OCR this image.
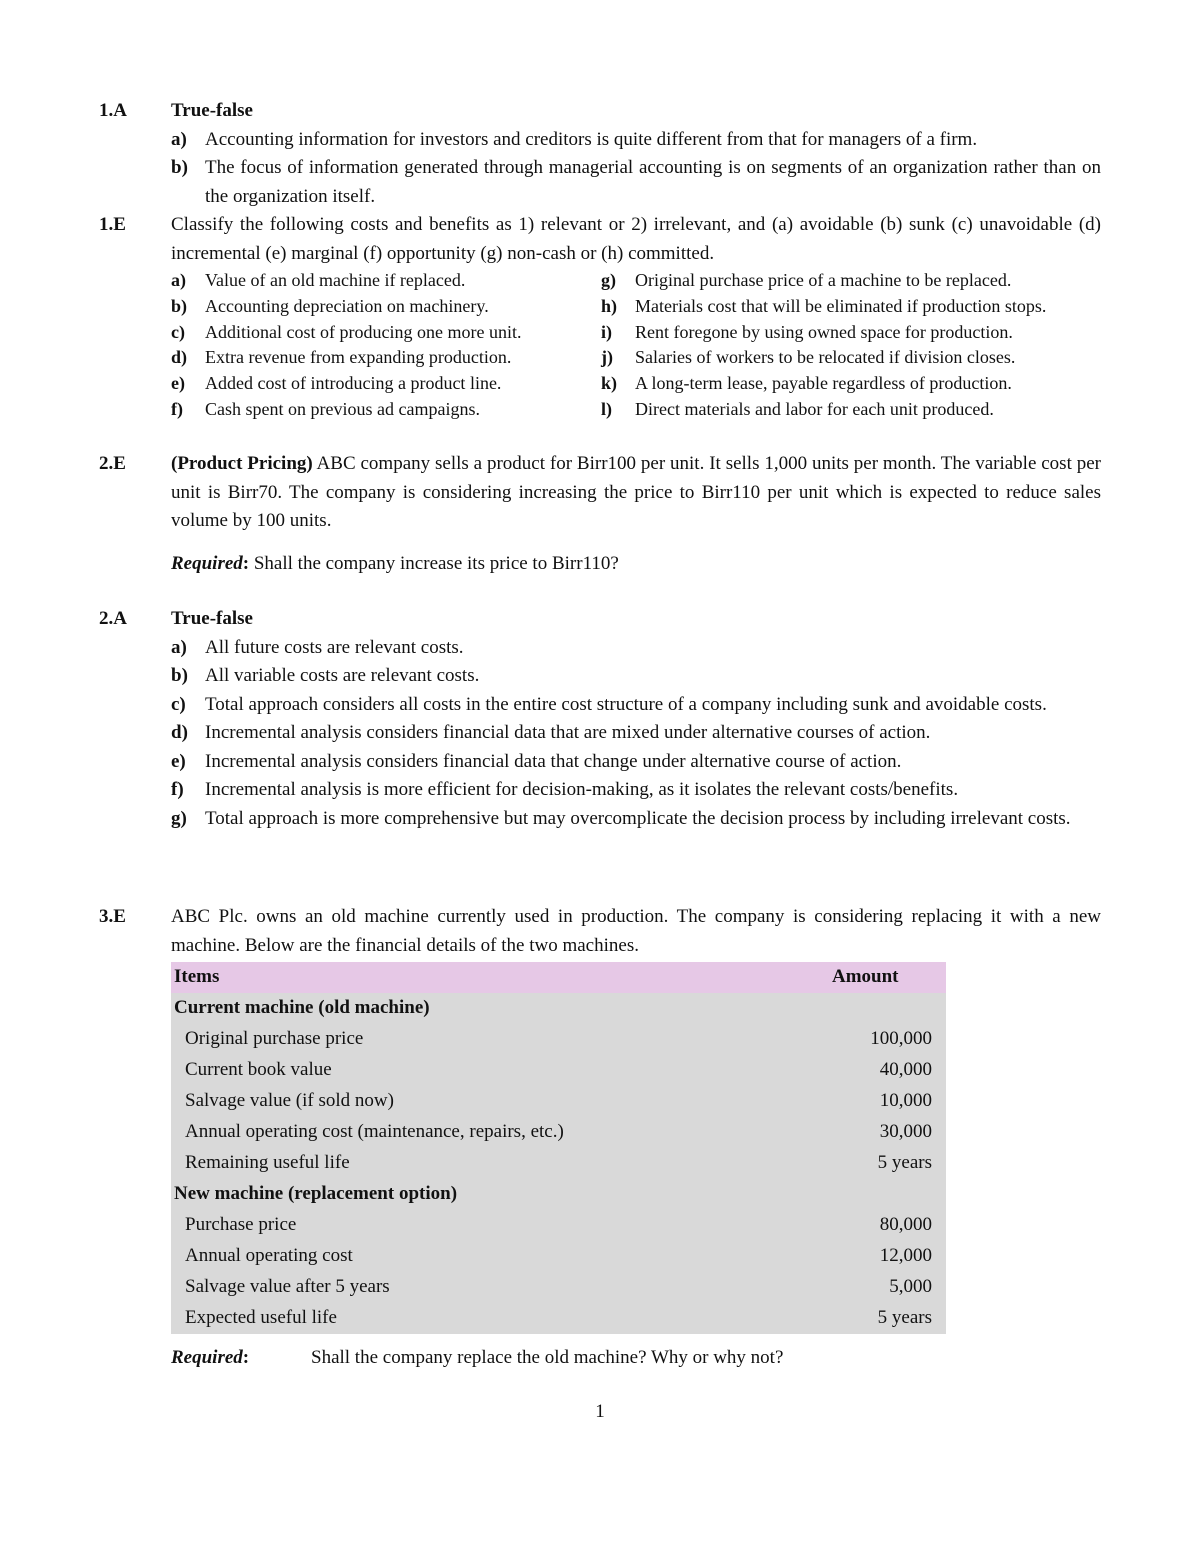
1.A True-false
a) Accounting information for investors and creditors is quite different from that for managers of a firm.
b) The focus of information generated through managerial accounting is on segments of an organization rather than on the organization itself.
1.E Classify the following costs and benefits as 1) relevant or 2) irrelevant, and (a) avoidable (b) sunk (c) unavoidable (d) incremental (e) marginal (f) opportunity (g) non-cash or (h) committed.
a) Value of an old machine if replaced.	g) Original purchase price of a machine to be replaced.
b) Accounting depreciation on machinery.	h) Materials cost that will be eliminated if production stops.
c) Additional cost of producing one more unit.	i) Rent foregone by using owned space for production.
d) Extra revenue from expanding production.	j) Salaries of workers to be relocated if division closes.
e) Added cost of introducing a product line.	k) A long-term lease, payable regardless of production.
f) Cash spent on previous ad campaigns.	l) Direct materials and labor for each unit produced.
2.E (Product Pricing) ABC company sells a product for Birr100 per unit. It sells 1,000 units per month. The variable cost per unit is Birr70. The company is considering increasing the price to Birr110 per unit which is expected to reduce sales volume by 100 units.
Required: Shall the company increase its price to Birr110?
2.A True-false
a) All future costs are relevant costs.
b) All variable costs are relevant costs.
c) Total approach considers all costs in the entire cost structure of a company including sunk and avoidable costs.
d) Incremental analysis considers financial data that are mixed under alternative courses of action.
e) Incremental analysis considers financial data that change under alternative course of action.
f) Incremental analysis is more efficient for decision-making, as it isolates the relevant costs/benefits.
g) Total approach is more comprehensive but may overcomplicate the decision process by including irrelevant costs.
3.E ABC Plc. owns an old machine currently used in production. The company is considering replacing it with a new machine. Below are the financial details of the two machines.
Items	Amount
Current machine (old machine)	
Original purchase price	100,000
Current book value	40,000
Salvage value (if sold now)	10,000
Annual operating cost (maintenance, repairs, etc.)	30,000
Remaining useful life	5 years
New machine (replacement option)	
Purchase price	80,000
Annual operating cost	12,000
Salvage value after 5 years	5,000
Expected useful life	5 years
Required:	Shall the company replace the old machine? Why or why not?
1
